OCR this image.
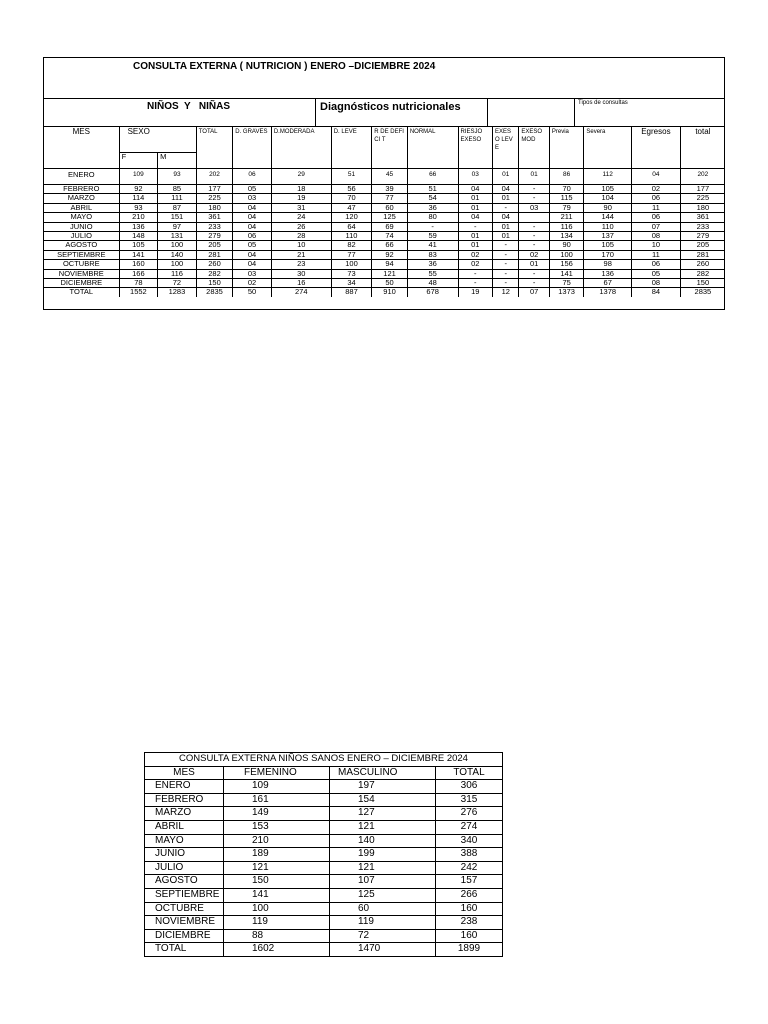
CONSULTA EXTERNA ( NUTRICION ) ENERO –DICIEMBRE 2024
NIÑOS  Y   NIÑAS	Diagnósticos nutricionales	Tipos de consultas
MES	SEXO		TOTAL	D. GRAVES	D.MODERADA	D. LEVE	R DE DEFICI T	NORMAL	RIESJO EXESO	EXES O LEVE	EXESO MOD	Previa	Severa	Egresos	total
	F	M													
ENERO	109	93	202	06	29	51	45	66	03	01	01	86	112	04	202
FEBRERO	92	85	177	05	18	56	39	51	04	04	-	70	105	02	177
MARZO	114	111	225	03	19	70	77	54	01	01	-	115	104	06	225
ABRIL	93	87	180	04	31	47	60	36	01	-	03	79	90	11	180
MAYO	210	151	361	04	24	120	125	80	04	04		211	144	06	361
JUNIO	136	97	233	04	26	64	69	-	-	01	-	116	110	07	233
JULIO	148	131	279	06	28	110	74	59	01	01	-	134	137	08	279
AGOSTO	105	100	205	05	10	82	66	41	01	-	-	90	105	10	205
SEPTIEMBRE	141	140	281	04	21	77	92	83	02	-	02	100	170	11	281
OCTUBRE	160	100	260	04	23	100	94	36	02	-	01	156	98	06	260
NOVIEMBRE	166	116	282	03	30	73	121	55	-	-	-	141	136	05	282
DICIEMBRE	78	72	150	02	16	34	50	48	-	-	-	75	67	08	150
TOTAL	1552	1283	2835	50	274	887	910	678	19	12	07	1373	1378	84	2835
CONSULTA EXTERNA NIÑOS SANOS ENERO – DICIEMBRE 2024			
MES	FEMENINO	MASCULINO	TOTAL
ENERO	109	197	306
FEBRERO	161	154	315
MARZO	149	127	276
ABRIL	153	121	274
MAYO	210	140	340
JUNIO	189	199	388
JULIO	121	121	242
AGOSTO	150	107	157
SEPTIEMBRE	141	125	266
OCTUBRE	100	60	160
NOVIEMBRE	119	119	238
DICIEMBRE	88	72	160
TOTAL	1602	1470	1899
